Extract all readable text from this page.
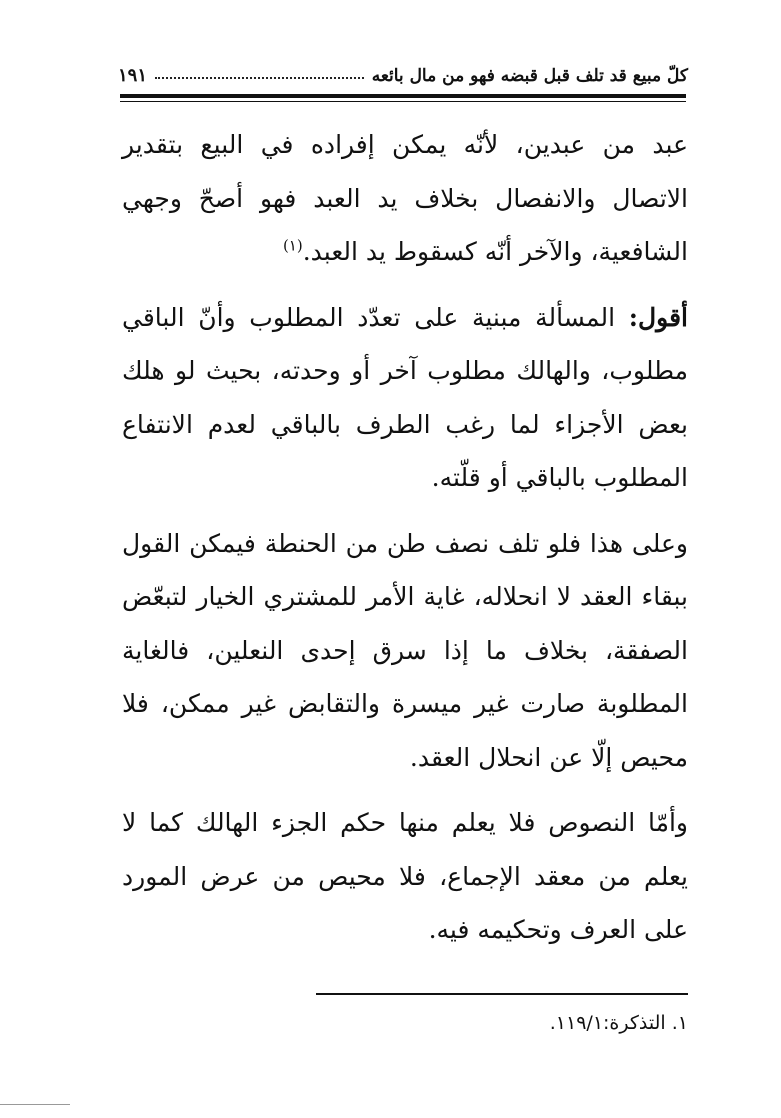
كلّ مبيع قد تلف قبل قبضه فهو من مال بائعه
١٩١

عبد من عبدين، لأنّه يمكن إفراده في البيع بتقدير الاتصال والانفصال بخلاف يد العبد فهو أصحّ وجهي الشافعية، والآخر أنّه كسقوط يد العبد.$^{(١)}$

أقول: المسألة مبنية على تعدّد المطلوب وأنّ الباقي مطلوب، والهالك مطلوب آخر أو وحدته، بحيث لو هلك بعض الأجزاء لما رغب الطرف بالباقي لعدم الانتفاع المطلوب بالباقي أو قلّته.

وعلى هذا فلو تلف نصف طن من الحنطة فيمكن القول ببقاء العقد لا انحلاله، غاية الأمر للمشتري الخيار لتبعّض الصفقة، بخلاف ما إذا سرق إحدى النعلين، فالغاية المطلوبة صارت غير ميسرة والتقابض غير ممكن، فلا محيص إلّا عن انحلال العقد.

وأمّا النصوص فلا يعلم منها حكم الجزء الهالك كما لا يعلم من معقد الإجماع، فلا محيص من عرض المورد على العرف وتحكيمه فيه.

١. التذكرة:١١٩/١.
